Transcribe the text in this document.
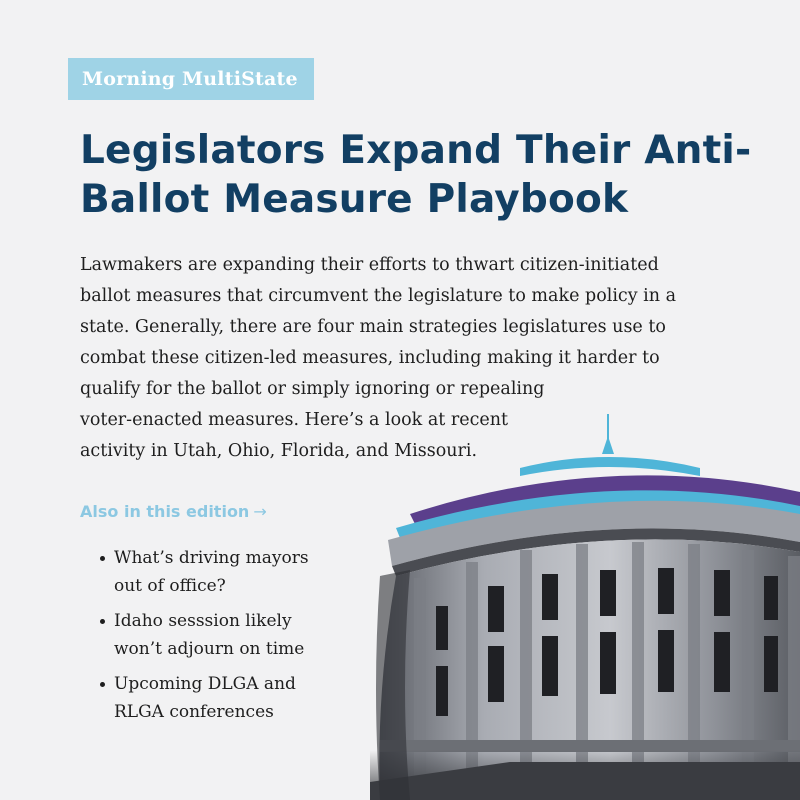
Morning MultiState
Legislators Expand Their Anti-
Ballot Measure Playbook
Lawmakers are expanding their efforts to thwart citizen-initiated
ballot measures that circumvent the legislature to make policy in a
state. Generally, there are four main strategies legislatures use to
combat these citizen-led measures, including making it harder to
qualify for the ballot or simply ignoring or repealing
voter-enacted measures. Here’s a look at recent
activity in Utah, Ohio, Florida, and Missouri.
Also in this edition →
What’s driving mayors
out of office?
Idaho sesssion likely
won’t adjourn on time
Upcoming DLGA and
RLGA conferences
